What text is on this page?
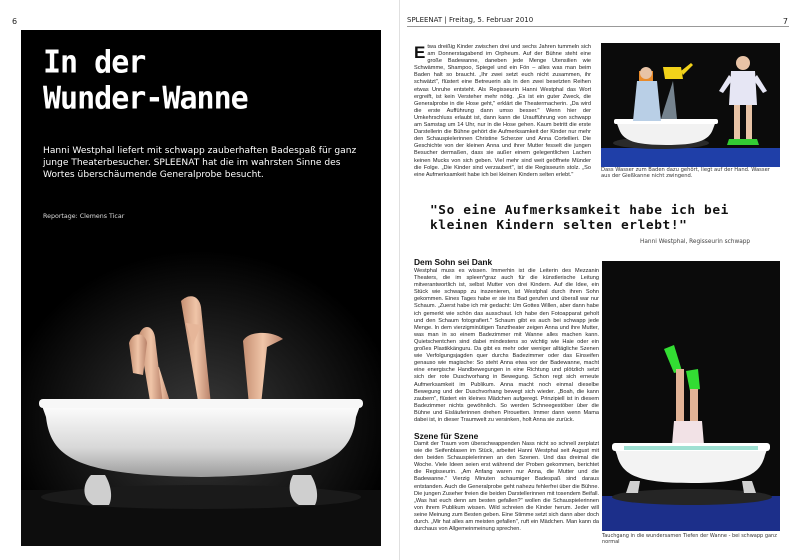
6
In der
Wunder-Wanne
Hanni Westphal liefert mit schwapp zauberhaften Badespaß für ganz junge Theaterbesucher. SPLEENAT hat die im wahrsten Sinne des Wortes überschäumende Generalprobe besucht.
Reportage: Clemens Ticar
7
SPLEENAT | Freitag, 5. Februar 2010
Etwa dreißig Kinder zwischen drei und sechs Jahren tummeln sich am Donnerstagabend im Orpheum. Auf der Bühne steht eine große Badewanne, daneben jede Menge Utensilien wie Schwämme, Shampoo, Spiegel und ein Fön – alles was man beim Baden halt so braucht. „Ihr zwei setzt euch nicht zusammen, ihr schwätzt", flüstert eine Betreuerin als in den zwei besetzten Reihen etwas Unruhe entsteht. Als Regisseurin Hanni Westphal das Wort ergreift, ist kein Versteher mehr nötig. „Es ist ein guter Zweck, die Generalprobe in die Hose geht," erklärt die Theatermacherin. „Da wird die erste Aufführung dann umso besser." Wenn hier der Umkehrschluss erlaubt ist, dann kann die Uraufführung von schwapp am Samstag um 14 Uhr, nur in die Hose gehen. Kaum betritt die erste Darstellerin die Bühne gehört die Aufmerksamkeit der Kinder nur mehr den Schauspielerinnen Christine Scherzer und Anna Cortellieri. Die Geschichte von der kleinen Anna und ihrer Mutter fesselt die jungen Besucher dermaßen, dass sie außer einem gelegentlichen Lachen keinen Mucks von sich geben. Viel mehr sind weit geöffnete Münder die Folge. „Die Kinder sind verzaubert", ist die Regisseurin stolz. „So eine Aufmerksamkeit habe ich bei kleinen Kindern selten erlebt."
Dass Wasser zum Baden dazu gehört, liegt auf der Hand. Wasser aus der Gießkanne nicht zwingend.
"So eine Aufmerksamkeit habe ich bei kleinen Kindern selten erlebt!"
Hanni Westphal, Regisseurin schwapp
Dem Sohn sei Dank
Westphal muss es wissen. Immerhin ist die Leiterin des Mezzanin Theaters, die im spleen*graz auch für die künstlerische Leitung mitverantwortlich ist, selbst Mutter von drei Kindern. Auf die Idee, ein Stück wie schwapp zu inszenieren, ist Westphal durch ihren Sohn gekommen. Eines Tages habe er sie ins Bad gerufen und überall war nur Schaum. „Zuerst habe ich mir gedacht: Um Gottes Willen, aber dann habe ich gemerkt wie schön das ausschaut. Ich habe den Fotoapparat geholt und den Schaum fotografiert." Schaum gibt es auch bei schwapp jede Menge. In dem vierzigminütigen Tanztheater zeigen Anna und ihre Mutter, was man in so einem Badezimmer mit Wanne alles machen kann. Quietschentchen sind dabei mindestens so wichtig wie Haie oder ein großes Plastikkänguru. Da gibt es mehr oder weniger alltägliche Szenen wie Verfolgungsjagden quer durchs Badezimmer oder das Einseifen genauso wie magische: So steht Anna etwa vor der Badewanne, macht eine energische Handbewegungen in eine Richtung und plötzlich setzt sich der rote Duschvorhang in Bewegung. Schon regt sich erneute Aufmerksamkeit im Publikum. Anna macht noch einmal dieselbe Bewegung und der Duschvorhang bewegt sich wieder. „Boah, die kann zaubern", flüstert ein kleines Mädchen aufgeregt. Prinzipiell ist in diesem Badezimmer nichts gewöhnlich. So werden Schneegestöber über die Bühne und Eisläuferinnen drehen Pirouetten. Immer dann wenn Mama dabei ist, in dieser Traumwelt zu versinken, holt Anna sie zurück.
Szene für Szene
Damit der Traum vom überschwappenden Nass nicht so schnell zerplatzt wie die Seifenblasen im Stück, arbeitet Hanni Westphal seit August mit den beiden Schauspielerinnen an den Szenen. Und das dreimal die Woche. Viele Ideen seien erst während der Proben gekommen, berichtet die Regisseurin. „Am Anfang waren nur Anna, die Mutter und die Badewanne." Vierzig Minuten schaumiger Badespaß sind daraus entstanden. Auch die Generalprobe geht nahezu fehlerfrei über die Bühne. Die jungen Zuseher freien die beiden Darstellerinnen mit tosendem Beifall. „Was hat euch denn am besten gefallen?" wollen die Schauspielerinnen von ihrem Publikum wissen. Wild schreien die Kinder herum. Jeder will seine Meinung zum Besten geben. Eine Stimme setzt sich dann aber doch durch. „Mir hat alles am meisten gefallen", ruft ein Mädchen. Man kann da durchaus von Allgemeinmeinung sprechen.
Tauchgang in die wundersamen Tiefen der Wanne - bei schwapp ganz normal
